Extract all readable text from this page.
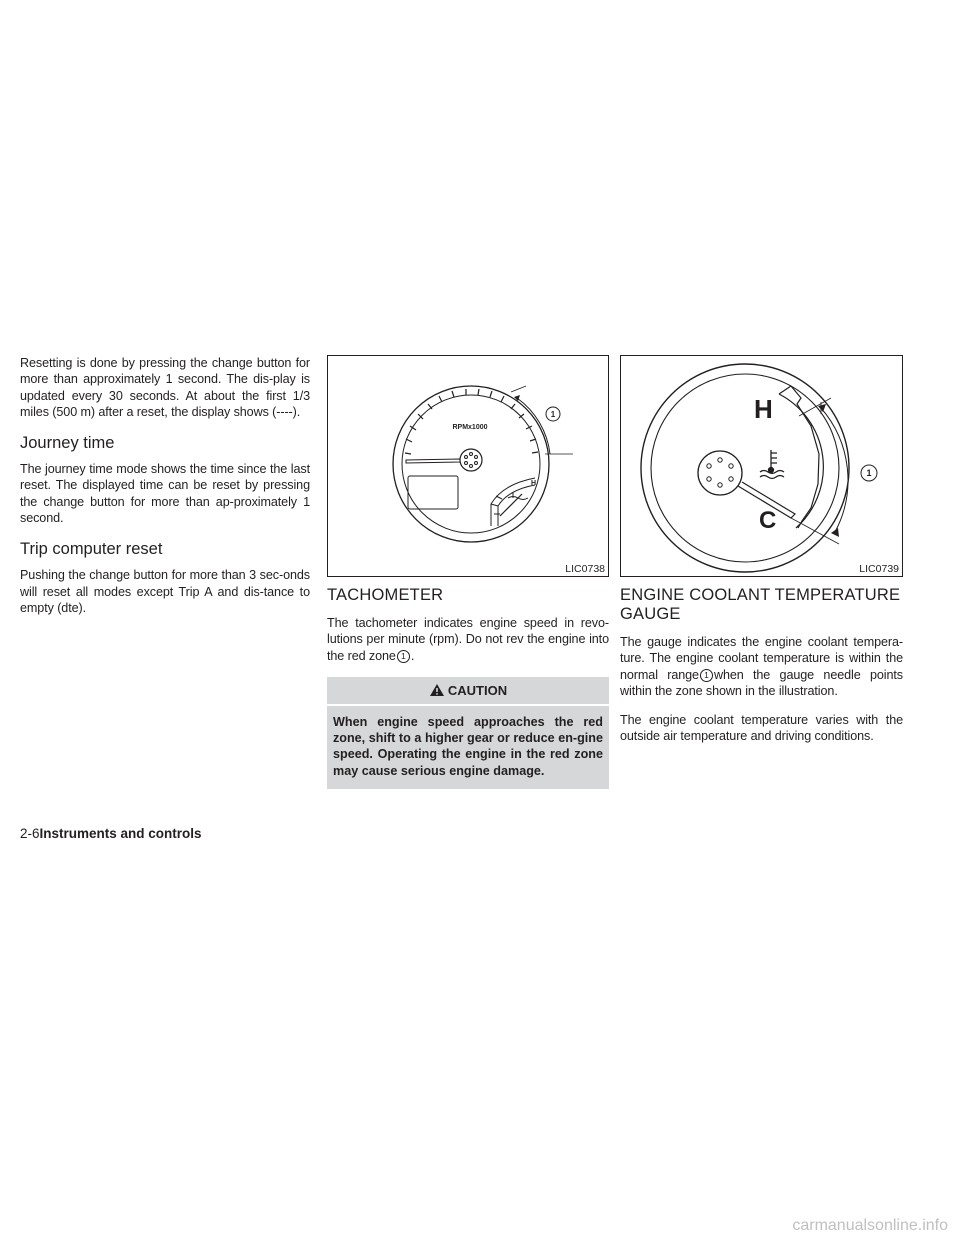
Resetting is done by pressing the change button for more than approximately 1 second. The dis-play is updated every 30 seconds. At about the first 1/3 miles (500 m) after a reset, the display shows (----).

Journey time

The journey time mode shows the time since the last reset. The displayed time can be reset by pressing the change button for more than ap-proximately 1 second.

Trip computer reset

Pushing the change button for more than 3 sec-onds will reset all modes except Trip A and dis-tance to empty (dte).

1
RPMx1000
H
LIC0738
TACHOMETER

The tachometer indicates engine speed in revo-lutions per minute (rpm). Do not rev the engine into the red zone 1 .

CAUTION
When engine speed approaches the red zone, shift to a higher gear or reduce en-gine speed. Operating the engine in the red zone may cause serious engine damage.
1
H
C
LIC0739
ENGINE COOLANT TEMPERATURE GAUGE

The gauge indicates the engine coolant tempera-ture. The engine coolant temperature is within the normal range 1 when the gauge needle points within the zone shown in the illustration.

The engine coolant temperature varies with the outside air temperature and driving conditions.

2-6Instruments and controls
carmanualsonline.info
